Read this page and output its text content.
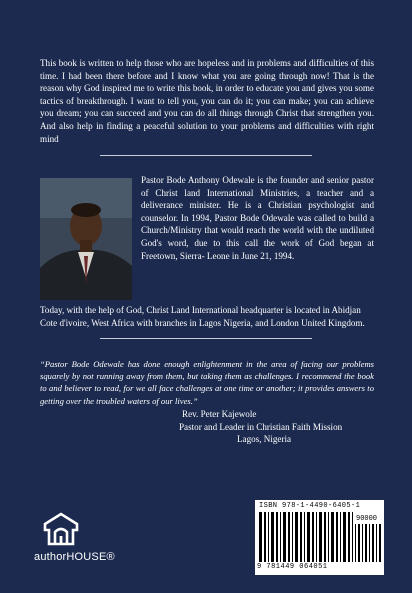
This book is written to help those who are hopeless and in problems and difficulties of this time. I had been there before and I know what you are going through now! That is the reason why God inspired me to write this book, in order to educate you and gives you some tactics of breakthrough. I want to tell you, you can do it; you can make; you can achieve you dream; you can succeed and you can do all things through Christ that strengthen you. And also help in finding a peaceful solution to your problems and difficulties with right mind

Pastor Bode Anthony Odewale is the founder and senior pastor of Christ land International Ministries, a teacher and a deliverance minister. He is a Christian psychologist and counselor. In 1994, Pastor Bode Odewale was called to build a Church/Ministry that would reach the world with the undiluted God's word, due to this call the work of God began at Freetown, Sierra- Leone in June 21, 1994.

Today, with the help of God, Christ Land International headquarter is located in Abidjan Cote d'ivoire, West Africa with branches in Lagos Nigeria, and London United Kingdom.

“Pastor Bode Odewale has done enough enlightenment in the area of facing our problems squarely by not running away from them, but taking them as challenges. I recommend the book to and believer to read, for we all face challenges at one time or another; it provides answers to getting over the troubled waters of our lives.”

Rev. Peter Kajewole
Pastor and Leader in Christian Faith Mission
Lagos, Nigeria
authorHOUSE®
ISBN 978-1-4490-6405-1
90000
9 781449 064051
